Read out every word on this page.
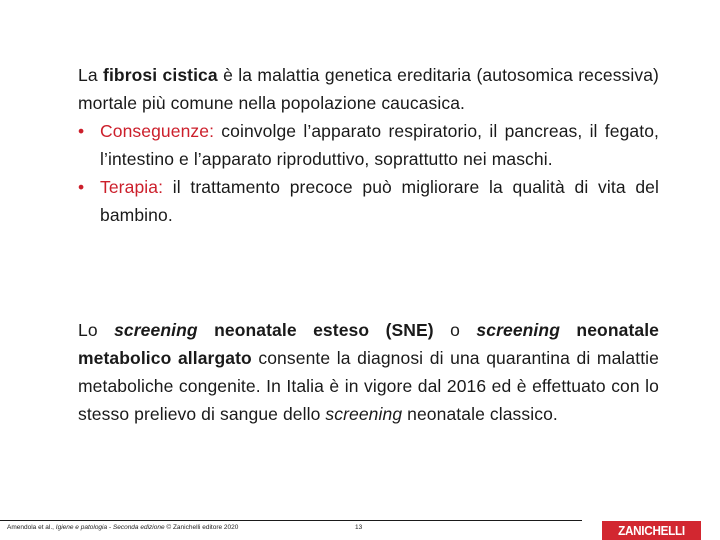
La fibrosi cistica è la malattia genetica ereditaria (autosomica recessiva) mortale più comune nella popolazione caucasica.

• Conseguenze: coinvolge l’apparato respiratorio, il pancreas, il fegato, l’intestino e l’apparato riproduttivo, soprattutto nei maschi.
• Terapia: il trattamento precoce può migliorare la qualità di vita del bambino.

Lo screening neonatale esteso (SNE) o screening neonatale metabolico allargato consente la diagnosi di una quarantina di malattie metaboliche congenite. In Italia è in vigore dal 2016 ed è effettuato con lo stesso prelievo di sangue dello screening neonatale classico.

Amendola et al., Igiene e patologia - Seconda edizione © Zanichelli editore 2020	13	ZANICHELLI
